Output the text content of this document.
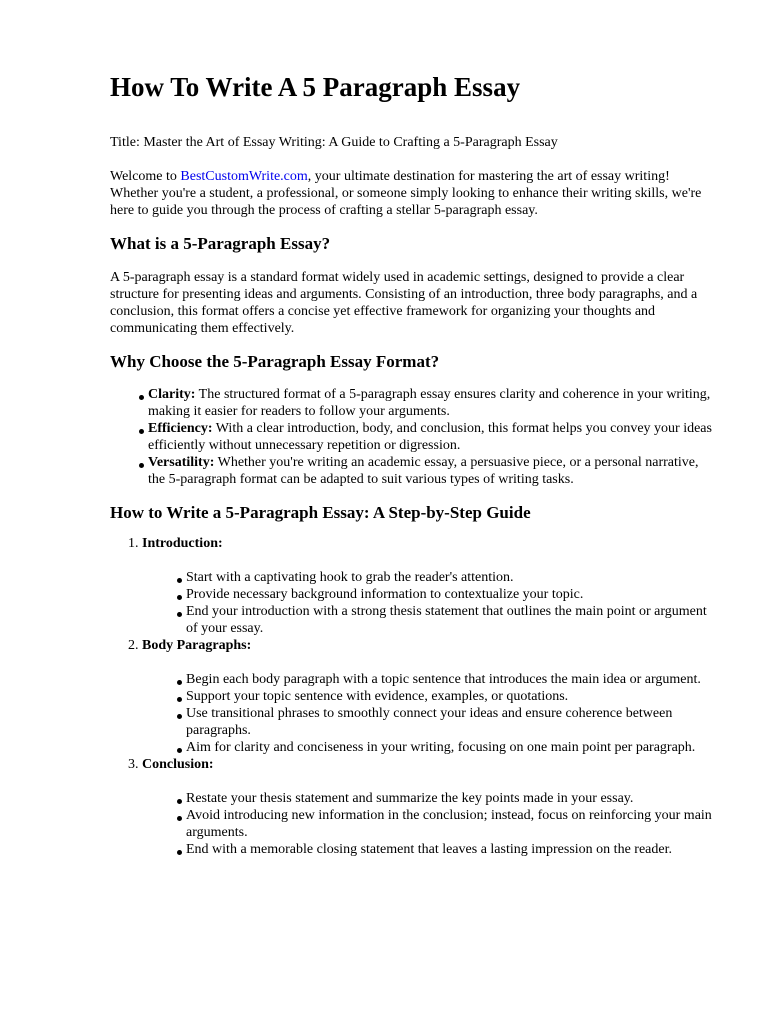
How To Write A 5 Paragraph Essay

Title: Master the Art of Essay Writing: A Guide to Crafting a 5-Paragraph Essay

Welcome to BestCustomWrite.com, your ultimate destination for mastering the art of essay writing! Whether you're a student, a professional, or someone simply looking to enhance their writing skills, we're here to guide you through the process of crafting a stellar 5-paragraph essay.

What is a 5-Paragraph Essay?

A 5-paragraph essay is a standard format widely used in academic settings, designed to provide a clear structure for presenting ideas and arguments. Consisting of an introduction, three body paragraphs, and a conclusion, this format offers a concise yet effective framework for organizing your thoughts and communicating them effectively.

Why Choose the 5-Paragraph Essay Format?
Clarity: The structured format of a 5-paragraph essay ensures clarity and coherence in your writing, making it easier for readers to follow your arguments.
Efficiency: With a clear introduction, body, and conclusion, this format helps you convey your ideas efficiently without unnecessary repetition or digression.
Versatility: Whether you're writing an academic essay, a persuasive piece, or a personal narrative, the 5-paragraph format can be adapted to suit various types of writing tasks.
How to Write a 5-Paragraph Essay: A Step-by-Step Guide
1. Introduction:
Start with a captivating hook to grab the reader's attention.
Provide necessary background information to contextualize your topic.
End your introduction with a strong thesis statement that outlines the main point or argument of your essay.
2. Body Paragraphs:
Begin each body paragraph with a topic sentence that introduces the main idea or argument.
Support your topic sentence with evidence, examples, or quotations.
Use transitional phrases to smoothly connect your ideas and ensure coherence between paragraphs.
Aim for clarity and conciseness in your writing, focusing on one main point per paragraph.
3. Conclusion:
Restate your thesis statement and summarize the key points made in your essay.
Avoid introducing new information in the conclusion; instead, focus on reinforcing your main arguments.
End with a memorable closing statement that leaves a lasting impression on the reader.
